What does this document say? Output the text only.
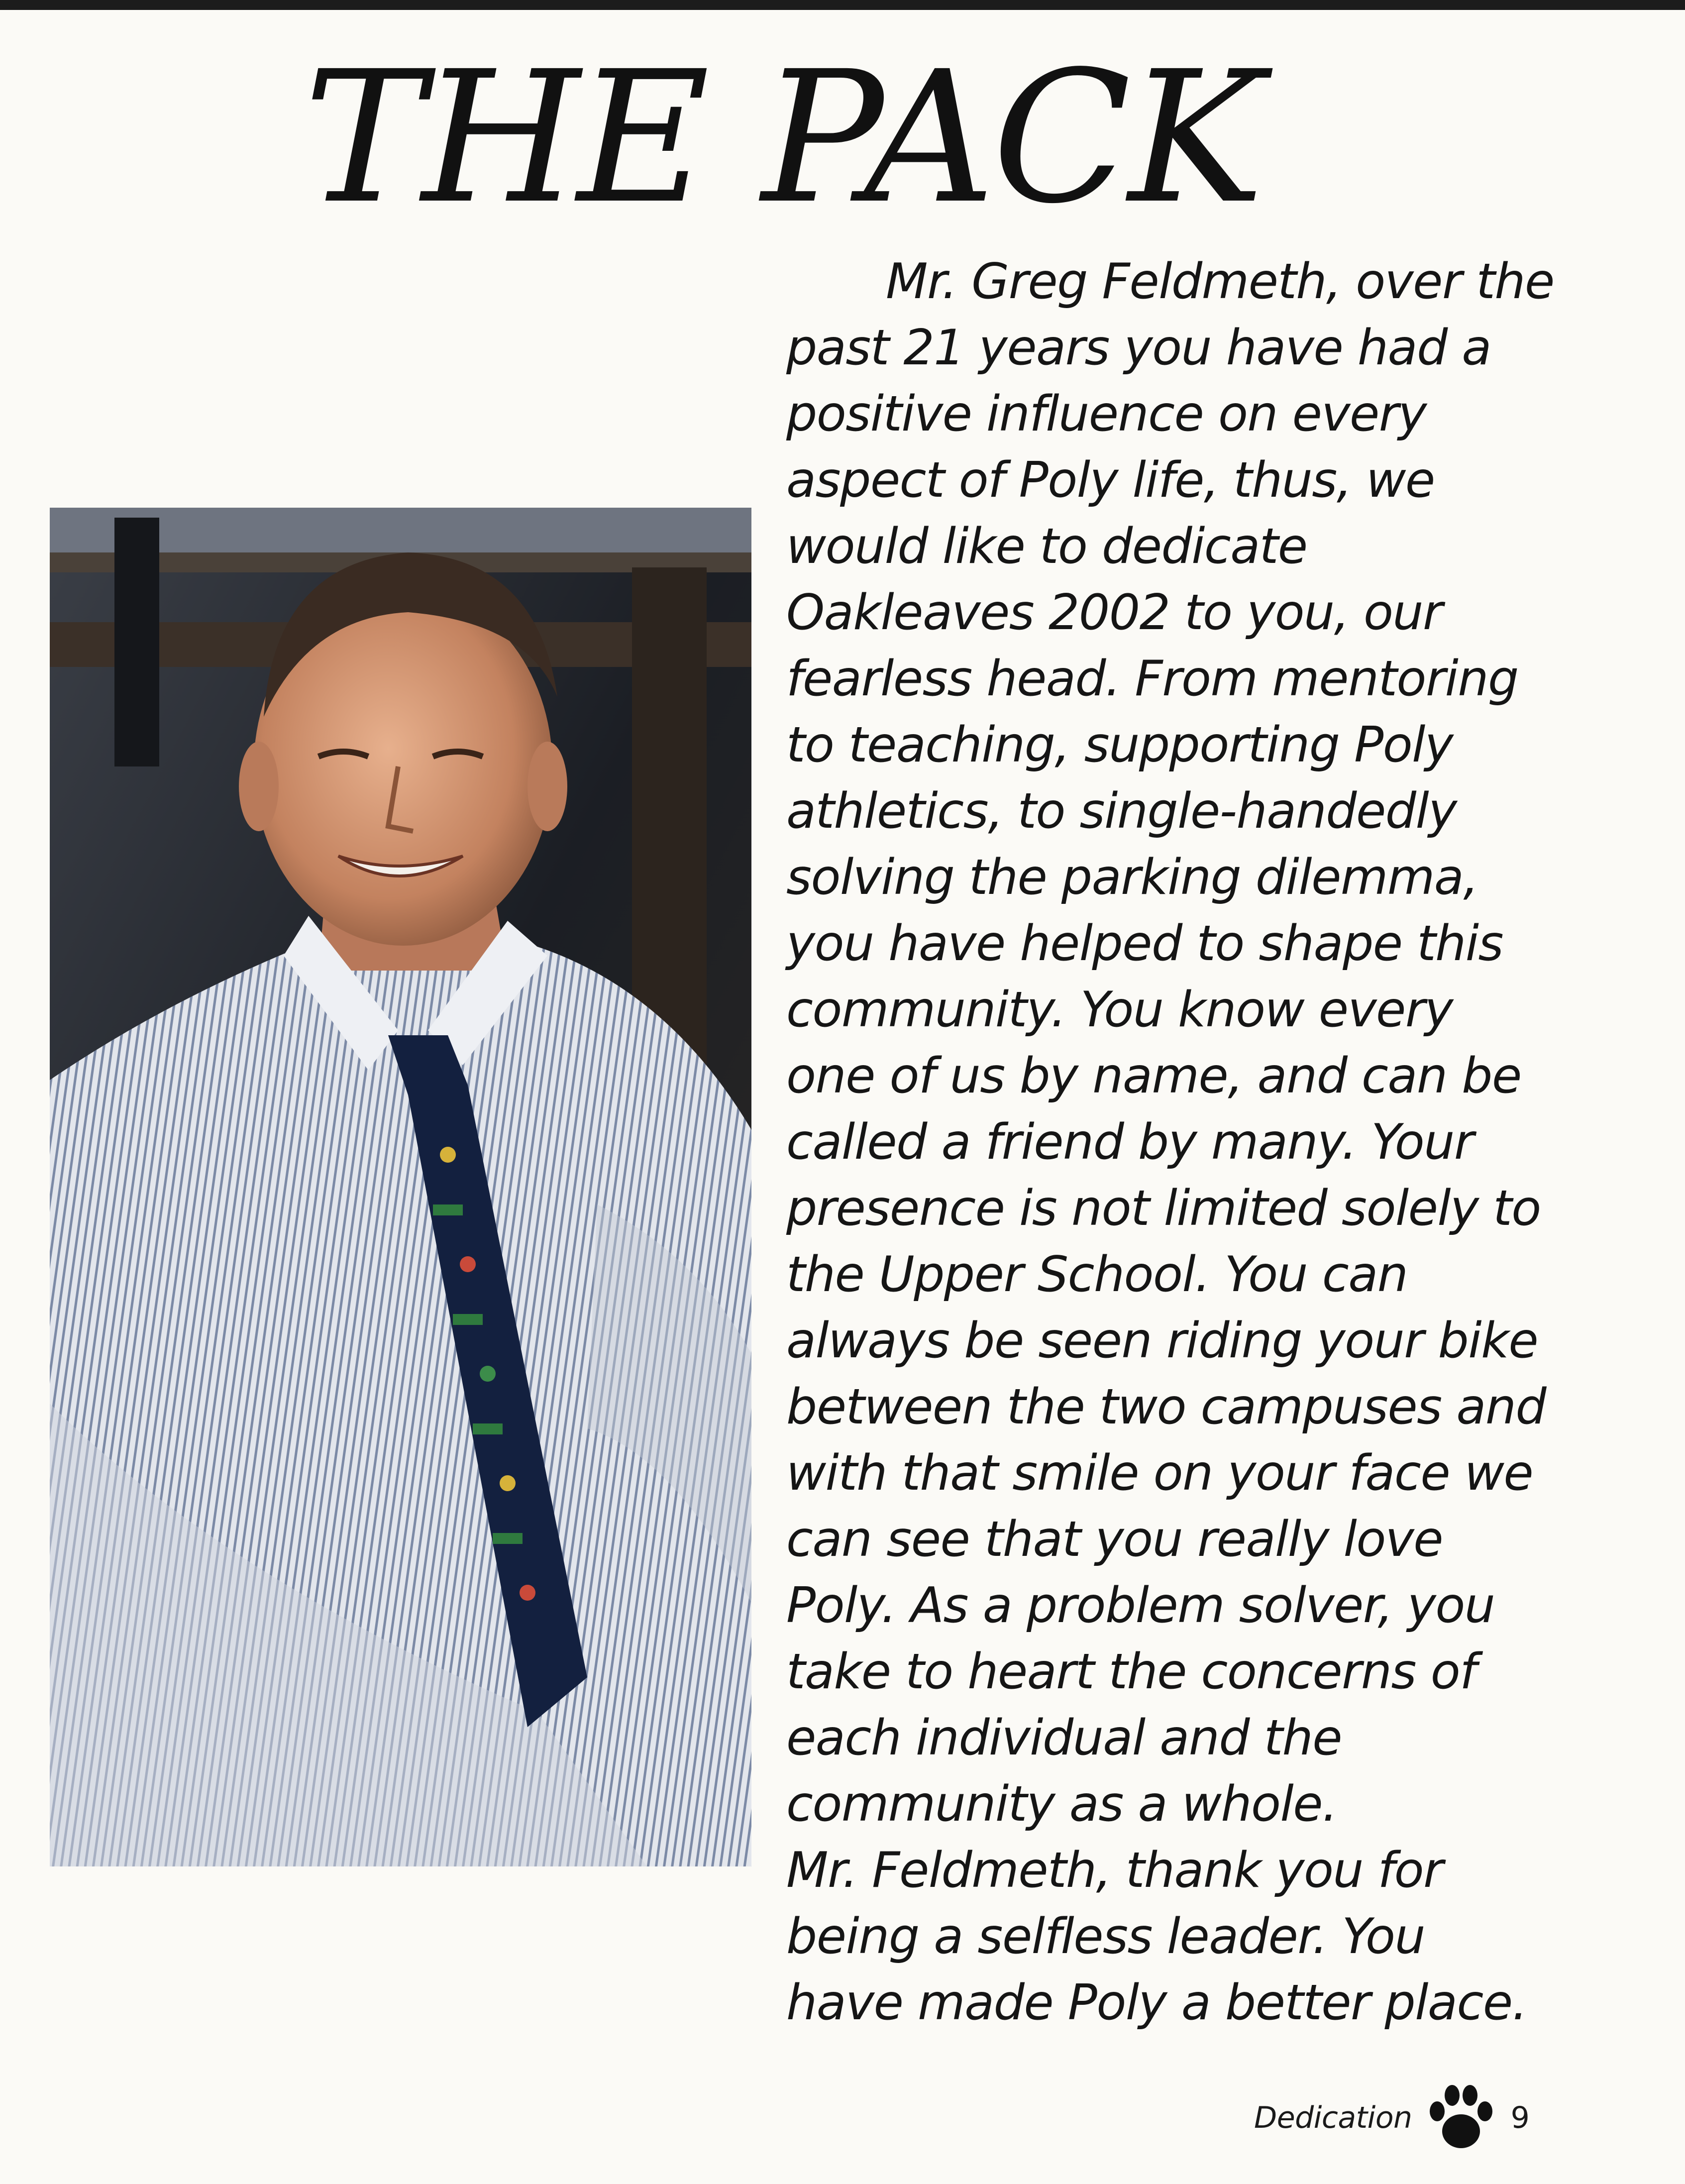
THE PACK
Mr. Greg Feldmeth, over the
past 21 years you have had a
positive influence on every
aspect of Poly life, thus, we
would like to dedicate
Oakleaves 2002 to you, our
fearless head. From mentoring
to teaching, supporting Poly
athletics, to single-handedly
solving the parking dilemma,
you have helped to shape this
community. You know every
one of us by name, and can be
called a friend by many. Your
presence is not limited solely to
the Upper School. You can
always be seen riding your bike
between the two campuses and
with that smile on your face we
can see that you really love
Poly. As a problem solver, you
take to heart the concerns of
each individual and the
community as a whole.
Mr. Feldmeth, thank you for
being a selfless leader. You
have made Poly a better place.
Dedication	9
